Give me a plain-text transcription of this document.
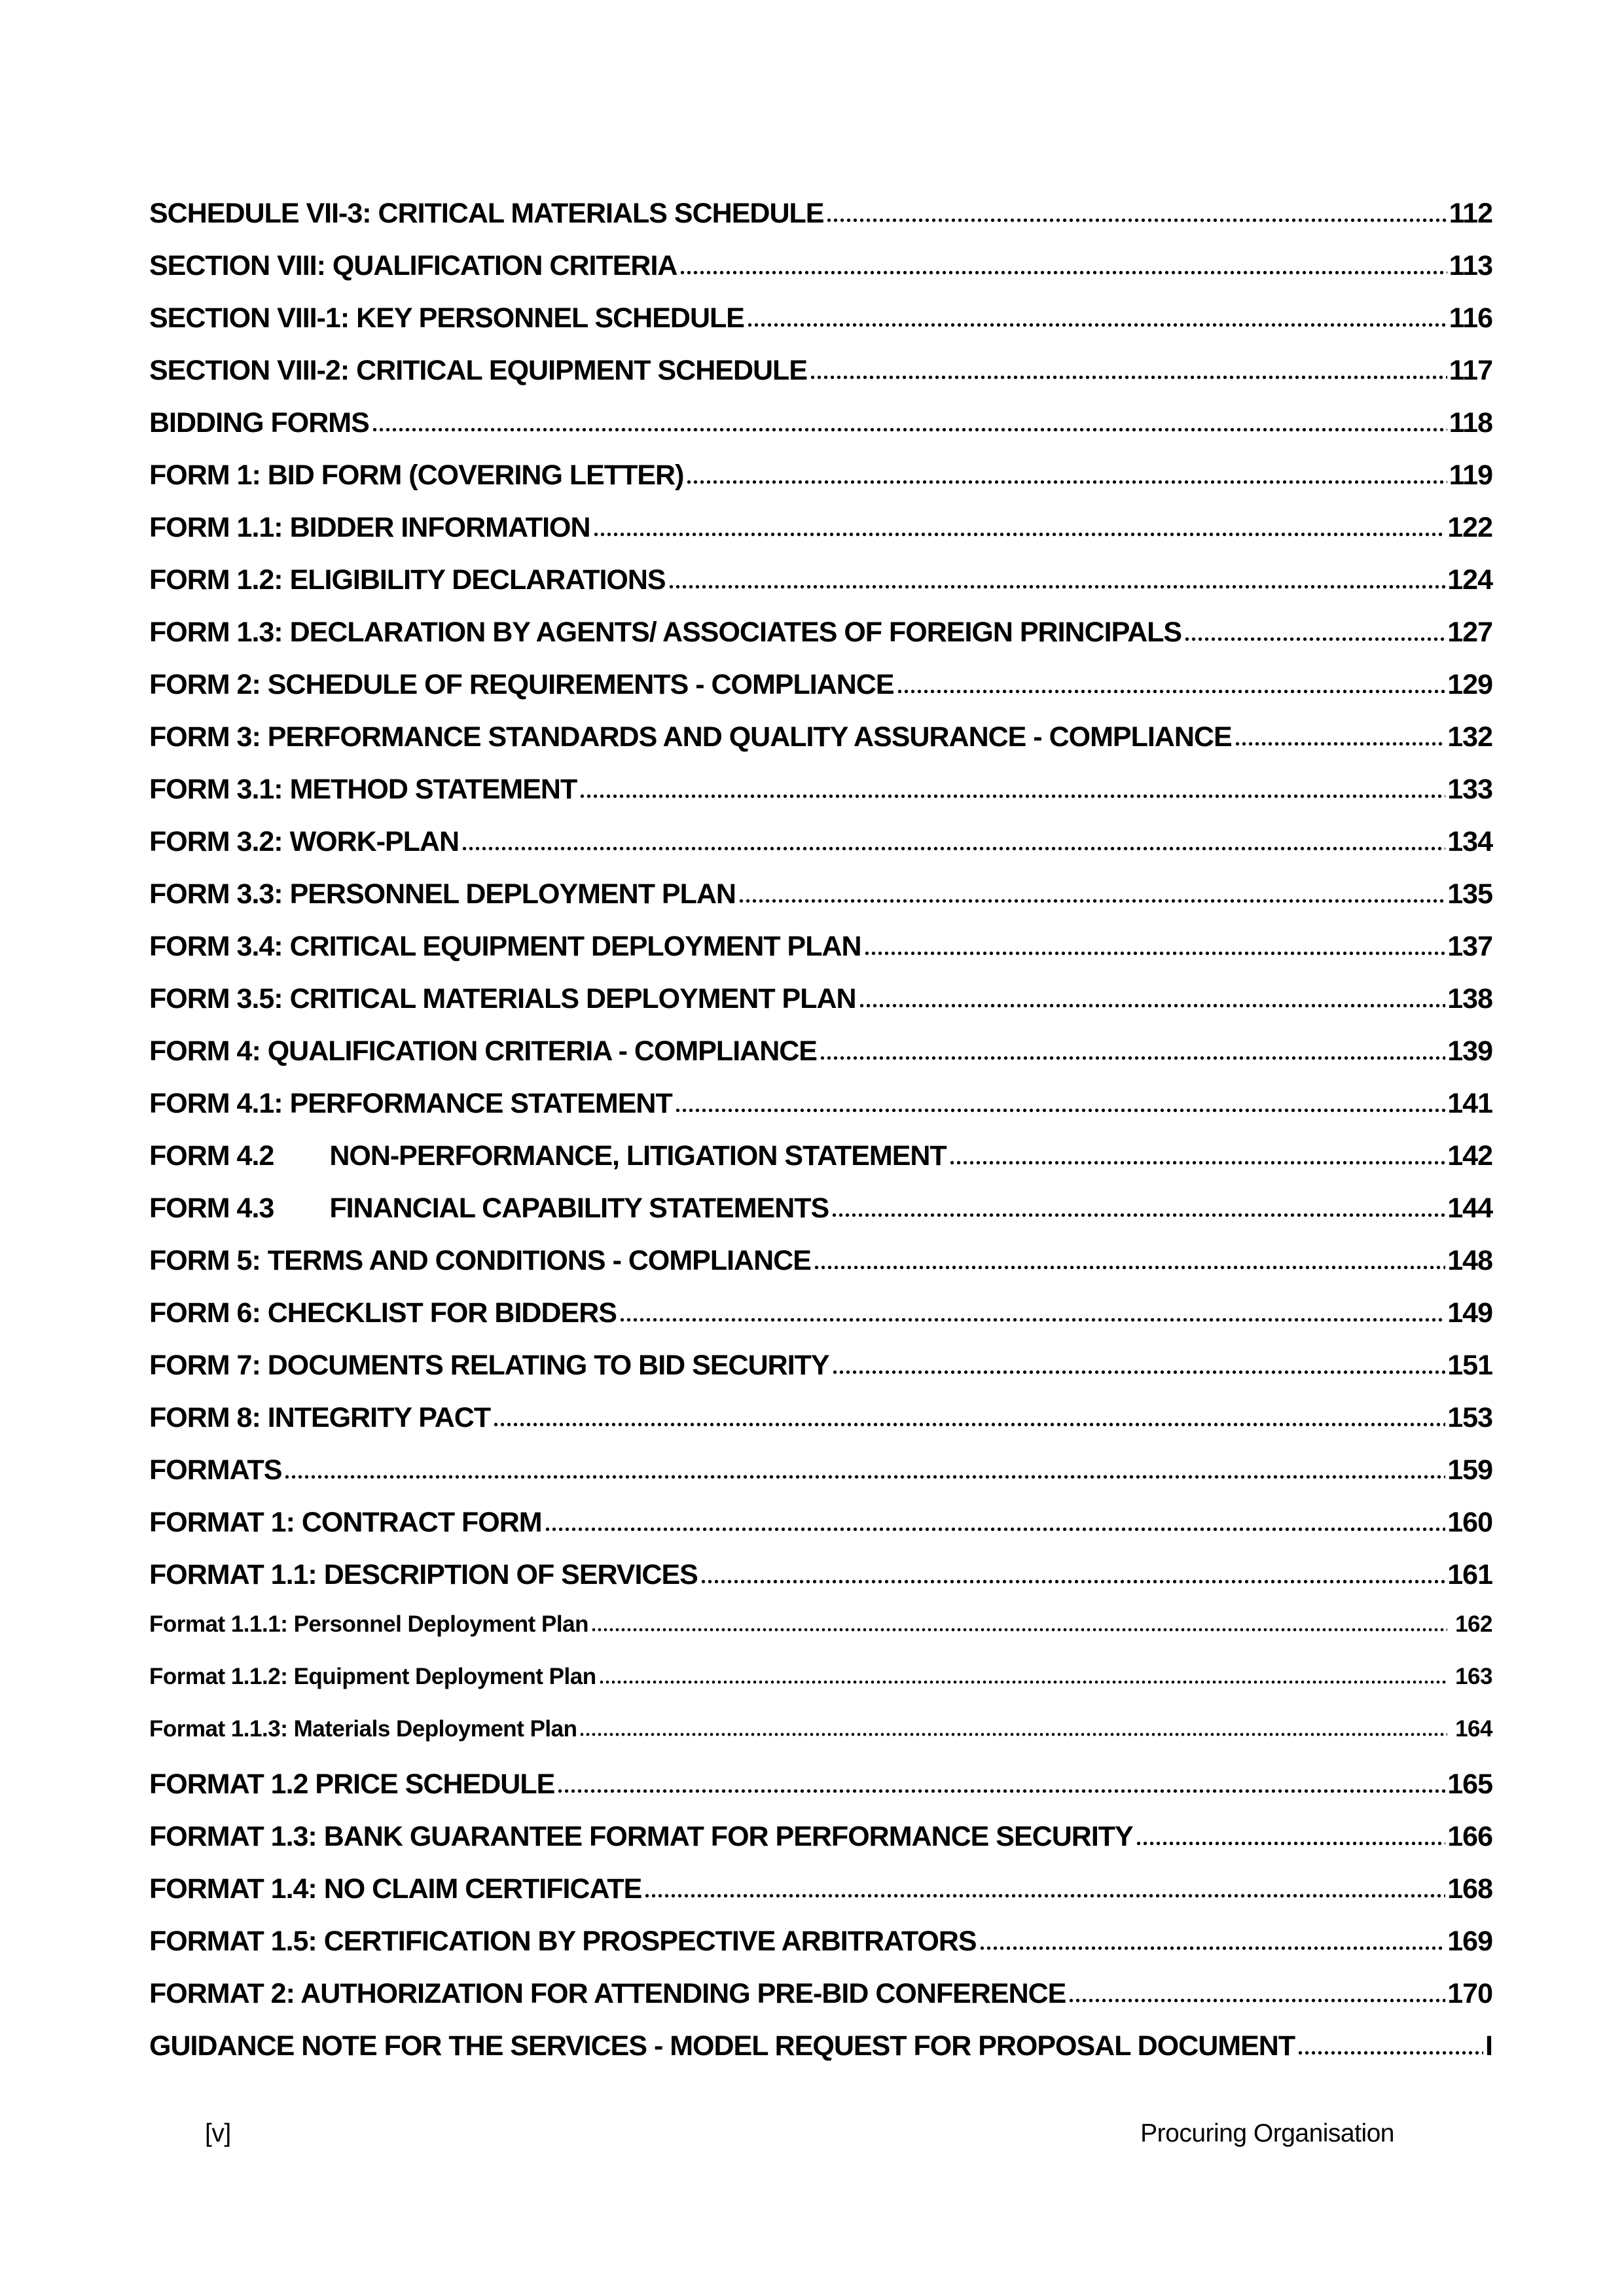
SCHEDULE VII-3: CRITICAL MATERIALS SCHEDULE	112
SECTION VIII: QUALIFICATION CRITERIA	113
SECTION VIII-1: KEY PERSONNEL SCHEDULE	116
SECTION VIII-2: CRITICAL EQUIPMENT SCHEDULE	117
BIDDING FORMS	118
FORM 1: BID FORM (COVERING LETTER)	119
FORM 1.1: BIDDER INFORMATION	122
FORM 1.2: ELIGIBILITY DECLARATIONS	124
FORM 1.3: DECLARATION BY AGENTS/ ASSOCIATES OF FOREIGN PRINCIPALS	127
FORM 2: SCHEDULE OF REQUIREMENTS - COMPLIANCE	129
FORM 3: PERFORMANCE STANDARDS AND QUALITY ASSURANCE - COMPLIANCE	132
FORM 3.1: METHOD STATEMENT	133
FORM 3.2: WORK-PLAN	134
FORM 3.3: PERSONNEL DEPLOYMENT PLAN	135
FORM 3.4: CRITICAL EQUIPMENT DEPLOYMENT PLAN	137
FORM 3.5: CRITICAL MATERIALS DEPLOYMENT PLAN	138
FORM 4: QUALIFICATION CRITERIA - COMPLIANCE	139
FORM 4.1: PERFORMANCE STATEMENT	141
FORM 4.2 NON-PERFORMANCE, LITIGATION STATEMENT	142
FORM 4.3 FINANCIAL CAPABILITY STATEMENTS	144
FORM 5: TERMS AND CONDITIONS - COMPLIANCE	148
FORM 6: CHECKLIST FOR BIDDERS	149
FORM 7: DOCUMENTS RELATING TO BID SECURITY	151
FORM 8: INTEGRITY PACT	153
FORMATS	159
FORMAT 1: CONTRACT FORM	160
FORMAT 1.1: DESCRIPTION OF SERVICES	161
Format 1.1.1: Personnel Deployment Plan	162
Format 1.1.2: Equipment Deployment Plan	163
Format 1.1.3: Materials Deployment Plan	164
FORMAT 1.2 PRICE SCHEDULE	165
FORMAT 1.3: BANK GUARANTEE FORMAT FOR PERFORMANCE SECURITY	166
FORMAT 1.4: NO CLAIM CERTIFICATE	168
FORMAT 1.5: CERTIFICATION BY PROSPECTIVE ARBITRATORS	169
FORMAT 2: AUTHORIZATION FOR ATTENDING PRE-BID CONFERENCE	170
GUIDANCE NOTE FOR THE SERVICES - MODEL REQUEST FOR PROPOSAL DOCUMENT	I
[v]	Procuring Organisation
